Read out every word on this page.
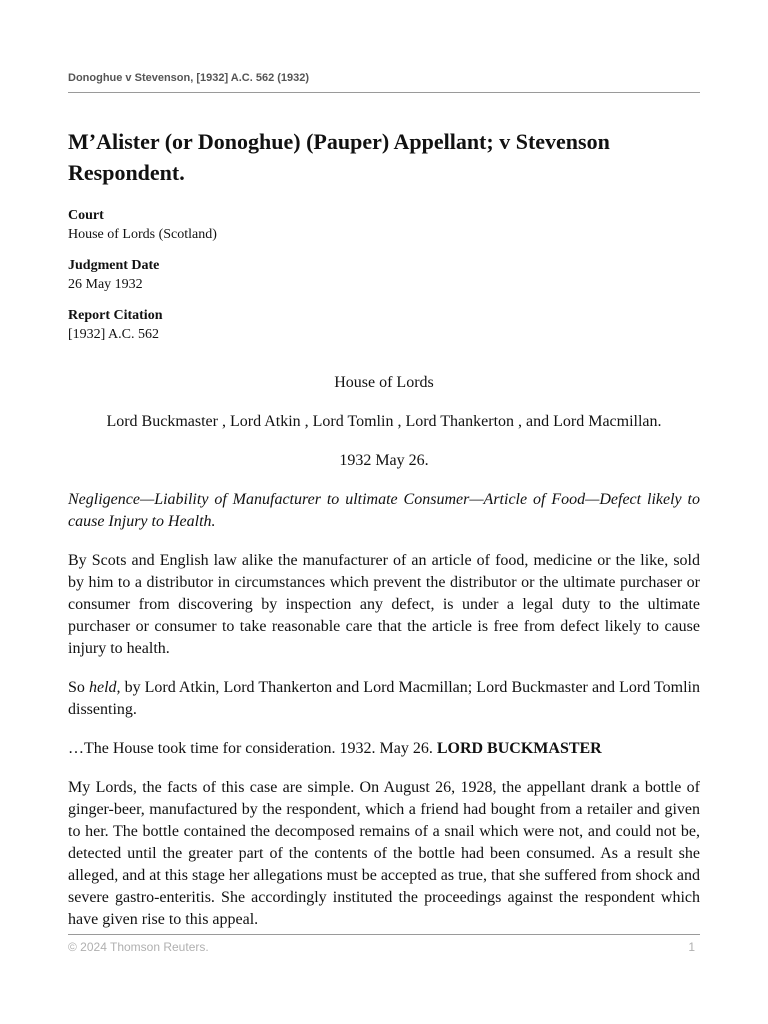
Donoghue v Stevenson, [1932] A.C. 562 (1932)
M’Alister (or Donoghue) (Pauper) Appellant; v Stevenson Respondent.
Court
House of Lords (Scotland)
Judgment Date
26 May 1932
Report Citation
[1932] A.C. 562

House of Lords

Lord Buckmaster , Lord Atkin , Lord Tomlin , Lord Thankerton , and Lord Macmillan.

1932 May 26.

Negligence—Liability of Manufacturer to ultimate Consumer—Article of Food—Defect likely to cause Injury to Health.

By Scots and English law alike the manufacturer of an article of food, medicine or the like, sold by him to a distributor in circumstances which prevent the distributor or the ultimate purchaser or consumer from discovering by inspection any defect, is under a legal duty to the ultimate purchaser or consumer to take reasonable care that the article is free from defect likely to cause injury to health.

So held, by Lord Atkin, Lord Thankerton and Lord Macmillan; Lord Buckmaster and Lord Tomlin dissenting.

…The House took time for consideration. 1932. May 26. LORD BUCKMASTER

My Lords, the facts of this case are simple. On August 26, 1928, the appellant drank a bottle of ginger-beer, manufactured by the respondent, which a friend had bought from a retailer and given to her. The bottle contained the decomposed remains of a snail which were not, and could not be, detected until the greater part of the contents of the bottle had been consumed. As a result she alleged, and at this stage her allegations must be accepted as true, that she suffered from shock and severe gastro-enteritis. She accordingly instituted the proceedings against the respondent which have given rise to this appeal.

© 2024 Thomson Reuters.	1
